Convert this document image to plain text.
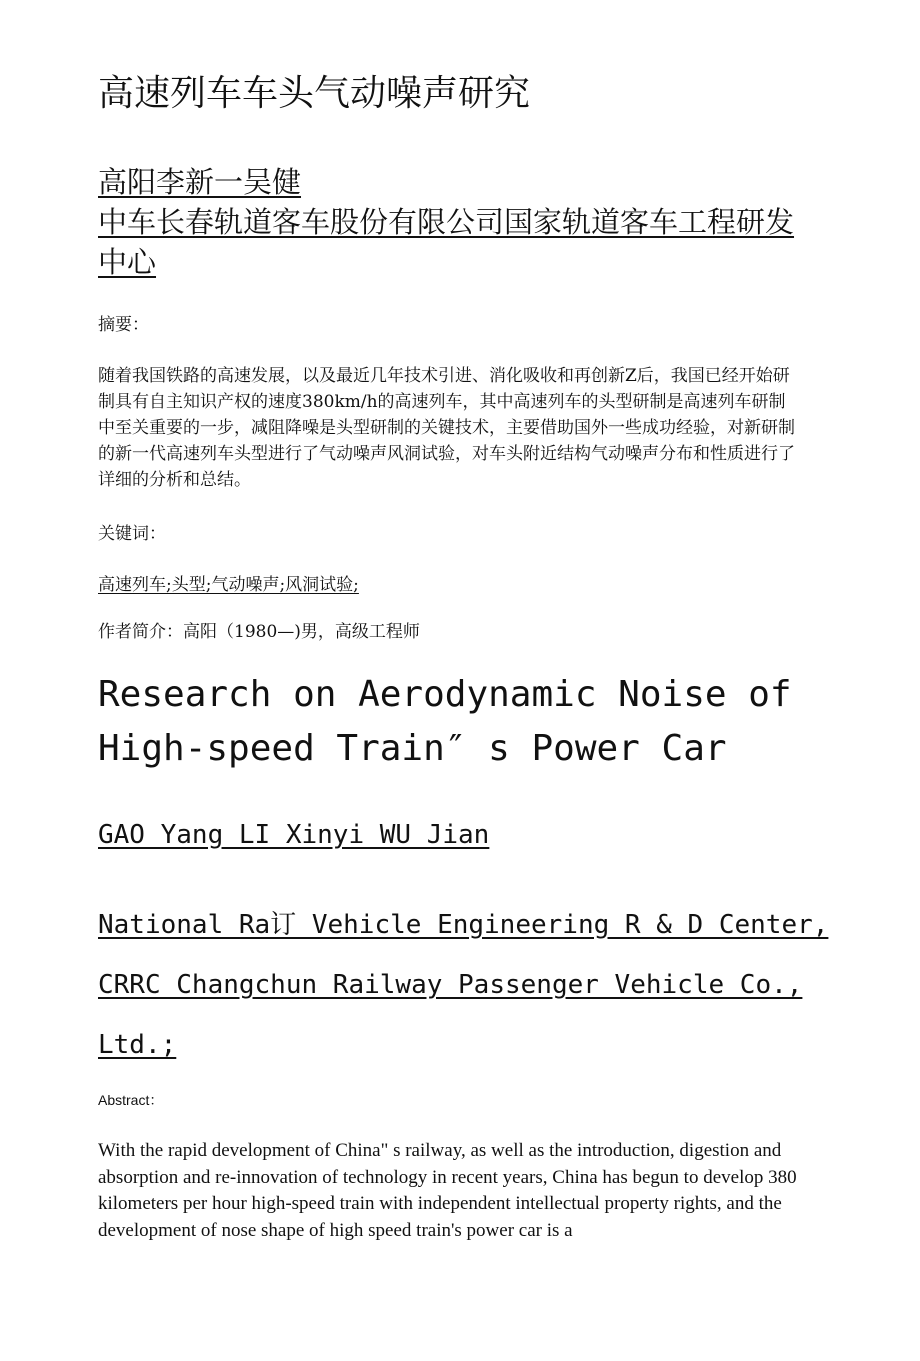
高速列车车头气动噪声研究
高阳李新一吴健
中车长春轨道客车股份有限公司国家轨道客车工程研发中心
摘要：

随着我国铁路的高速发展，以及最近几年技术引进、消化吸收和再创新Z后，我国已经开始研制具有自主知识产权的速度380km/h的高速列车，其中高速列车的头型研制是高速列车研制中至关重要的一步，减阻降噪是头型研制的关键技术，主要借助国外一些成功经验，对新研制的新一代高速列车头型进行了气动噪声风洞试验，对车头附近结构气动噪声分布和性质进行了详细的分析和总结。

关键词：
高速列车;头型;气动噪声;风洞试验;
作者简介：高阳（1980—)男，高级工程师
Research on Aerodynamic Noise of High-speed Train″ s Power Car
GAO Yang LI Xinyi WU Jian
National Ra订 Vehicle Engineering R & D Center, CRRC Changchun Railway Passenger Vehicle Co., Ltd.;
Abstract：

With the rapid development of China" s railway, as well as the introduction, digestion and absorption and re-innovation of technology in recent years, China has begun to develop 380 kilometers per hour high-speed train with independent intellectual property rights, and the development of nose shape of high speed train's power car is a
